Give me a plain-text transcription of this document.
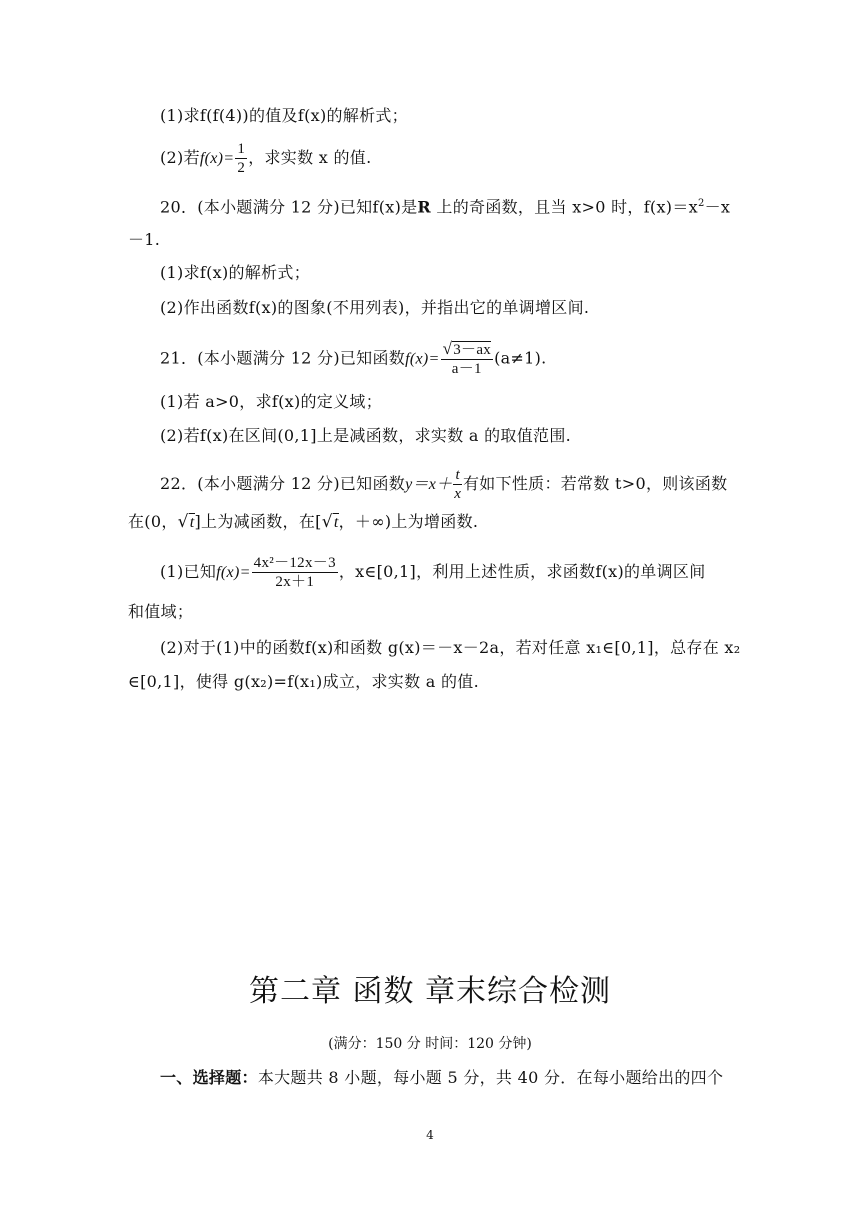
(1)求f(f(4))的值及f(x)的解析式；
(2)若$f(x)= \frac{1}{2}$ ，求实数 x 的值.
20．(本小题满分 12 分)已知f(x)是R 上的奇函数，且当 x>0 时，$f(x)=x^2-x$
－1.
(1)求f(x)的解析式；
(2)作出函数f(x)的图象(不用列表)，并指出它的单调增区间.
21．(本小题满分 12 分)已知函数$f(x)= \frac{√3-ax}{a-1} (a\ne 1)$.
(1)若 a>0，求f(x)的定义域；
(2)若f(x)在区间(0,1]上是减函数，求实数 a 的取值范围.
22．(本小题满分 12 分)已知函数$y=x+ \frac{t}{x}$ 有如下性质：若常数 t>0，则该函数
在(0，√t]上为减函数，在[√t，＋∞)上为增函数.
(1)已知$f(x)= \frac{\text{4x²－12x－3}}{2x+1}$ ，x∈[0,1]，利用上述性质，求函数f(x)的单调区间
和值域；
(2)对于(1)中的函数f(x)和函数 g(x)＝－x－2a，若对任意 x₁∈[0,1]，总存在 x₂
∈[0,1]，使得 g(x₂)=f(x₁)成立，求实数 a 的值.
第二章 函数 章末综合检测
(满分：150 分 时间：120 分钟)
一、选择题：本大题共 8 小题，每小题 5 分，共 40 分．在每小题给出的四个
4
